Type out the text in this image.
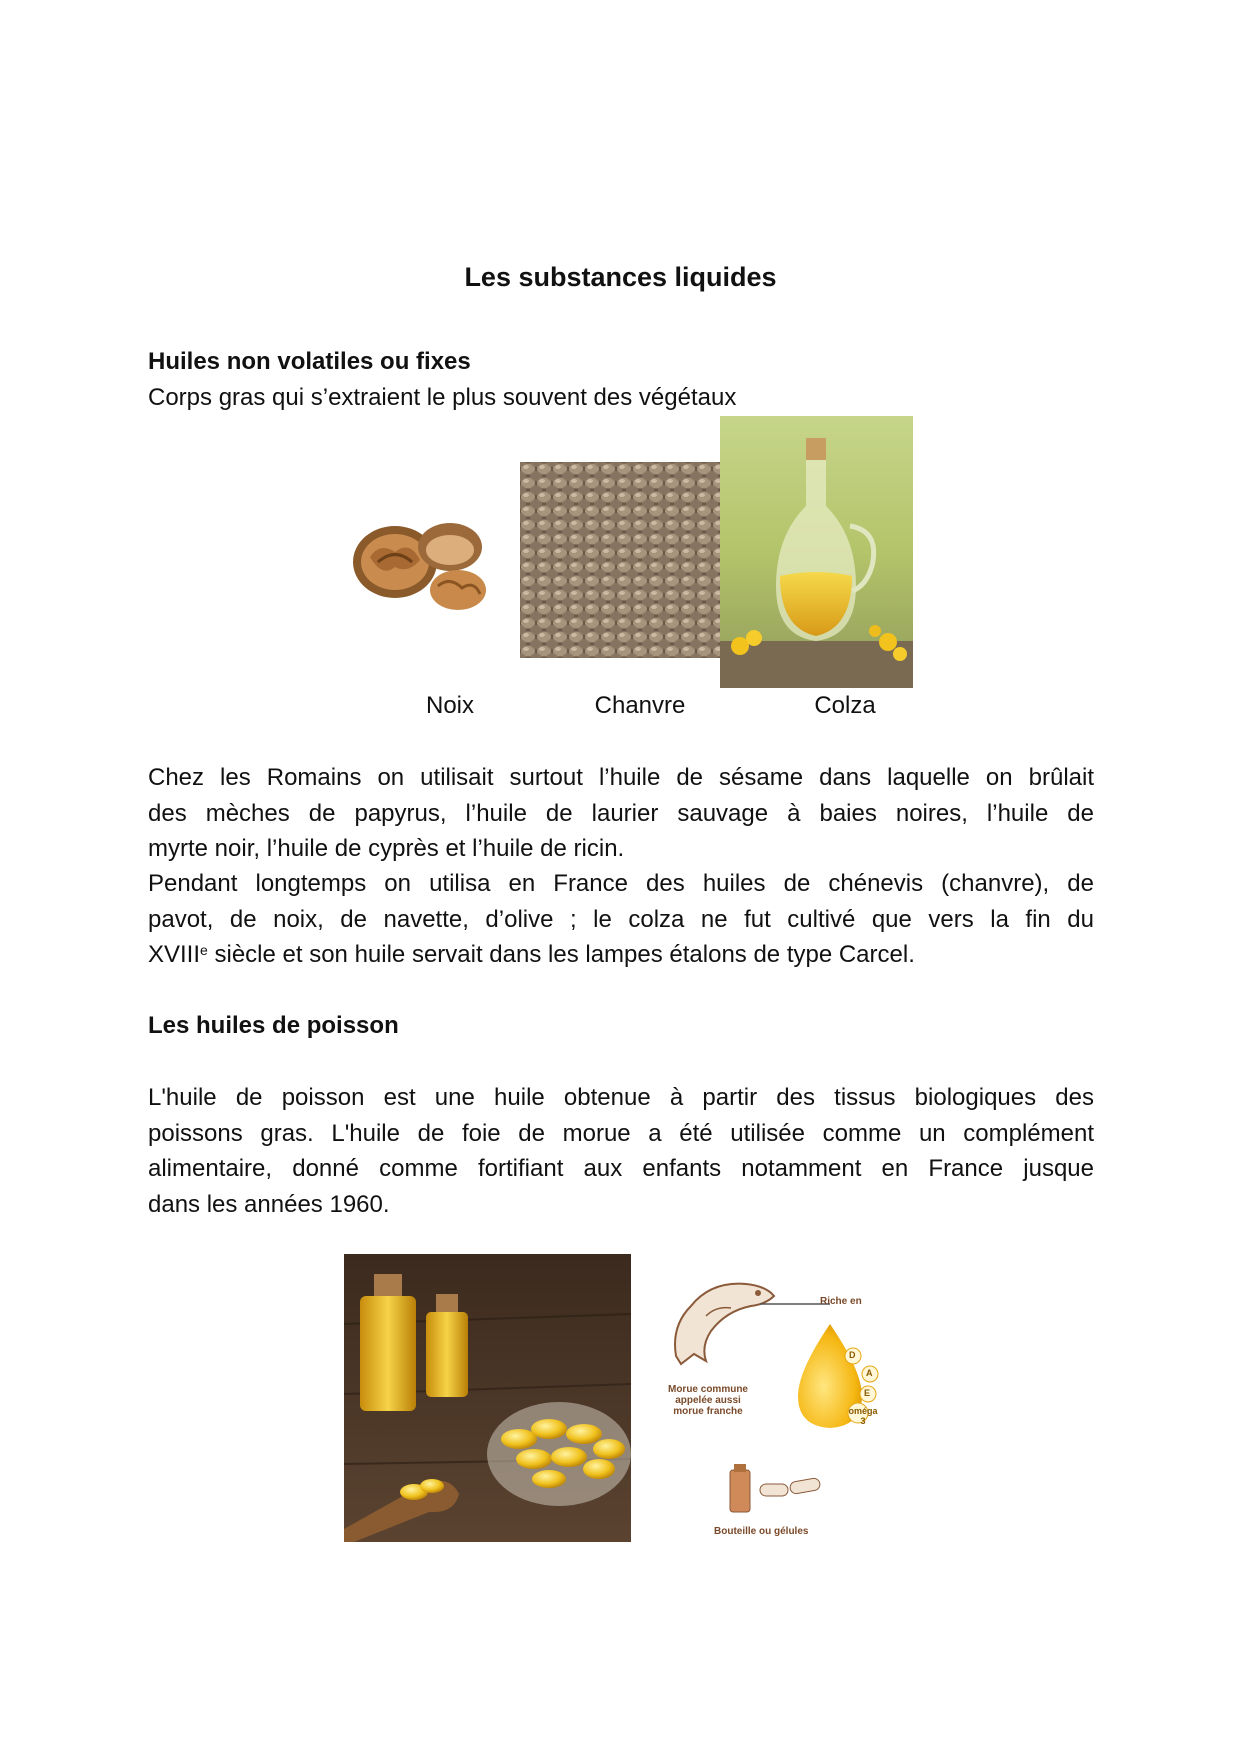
Les substances liquides
Huiles non volatiles ou fixes
Corps gras qui s’extraient le plus souvent des végétaux
Noix	Chanvre	Colza
Chez les Romains on utilisait surtout l’huile de sésame dans laquelle on brûlait
des mèches de papyrus, l’huile de laurier sauvage à baies noires, l’huile de
myrte noir, l’huile de cyprès et l’huile de ricin.
Pendant longtemps on utilisa en France des huiles de chénevis (chanvre), de
pavot, de noix, de navette, d’olive ; le colza ne fut cultivé que vers la fin du
XVIIIe siècle et son huile servait dans les lampes étalons de type Carcel.
Les huiles de poisson
L'huile de poisson est une huile obtenue à partir des tissus biologiques des
poissons gras. L'huile de foie de morue a été utilisée comme un complément
alimentaire, donné comme fortifiant aux enfants notamment en France jusque
dans les années 1960.
Riche en
Morue commune
appelée aussi
morue franche
D
A
E
oméga
3
Bouteille ou gélules
